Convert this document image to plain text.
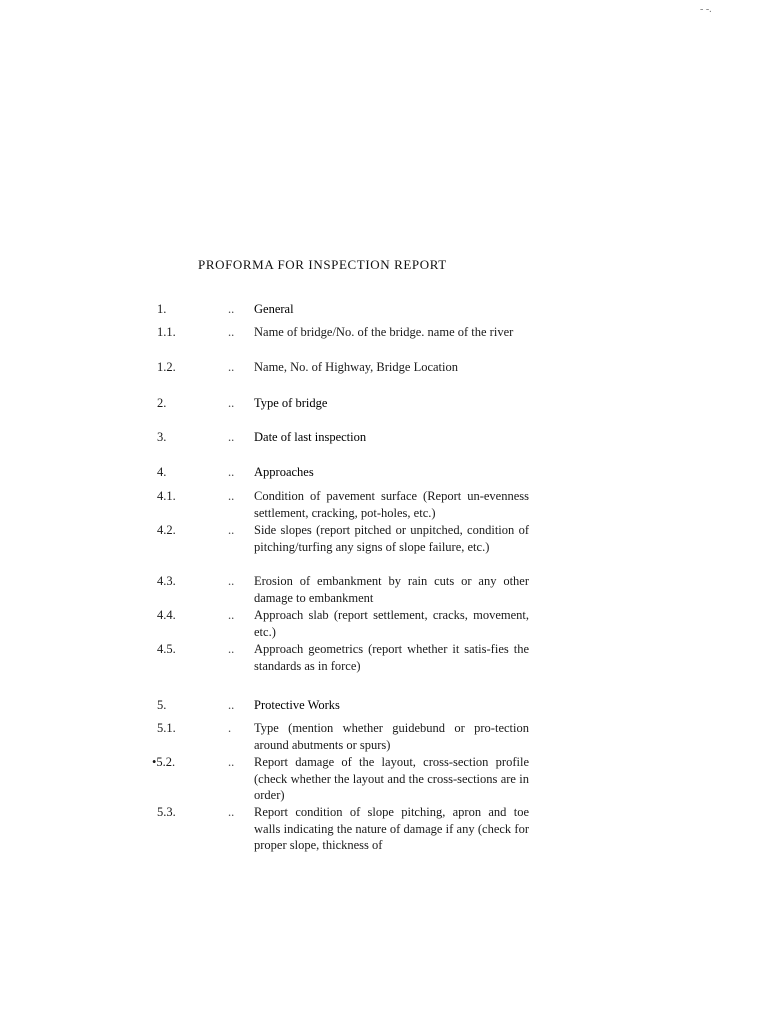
- -.
PROFORMA FOR INSPECTION REPORT
1.	..	General
1.1.	..	Name of bridge/No. of the bridge. name of the river
1.2.	..	Name, No. of Highway, Bridge Location
2.	..	Type of bridge
3.	..	Date of last inspection
4.	..	Approaches
4.1.	..	Condition of pavement surface (Report un-evenness settlement, cracking, pot-holes, etc.)
4.2.	..	Side slopes (report pitched or unpitched, condition of pitching/turfing any signs of slope failure, etc.)
4.3.	..	Erosion of embankment by rain cuts or any other damage to embankment
4.4.	..	Approach slab (report settlement, cracks, movement, etc.)
4.5.	..	Approach geometrics (report whether it satis-fies the standards as in force)
5.	..	Protective Works
5.1.	.	Type (mention whether guidebund or pro-tection around abutments or spurs)
•5.2.	..	Report damage of the layout, cross-section profile (check whether the layout and the cross-sections are in order)
5.3.	..	Report condition of slope pitching, apron and toe walls indicating the nature of damage if any (check for proper slope, thickness of
